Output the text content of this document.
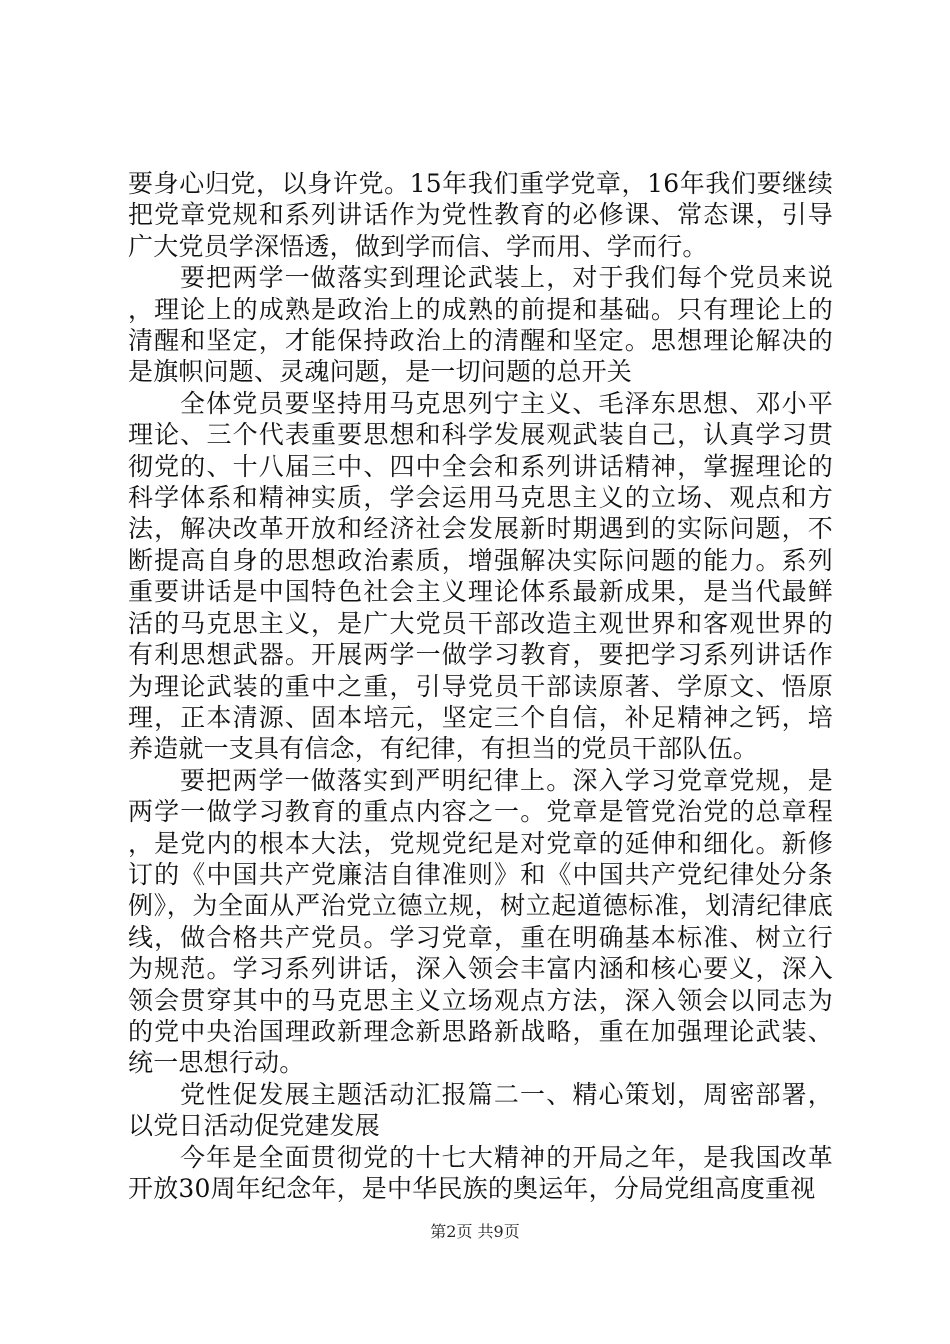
要身心归党，以身许党。15年我们重学党章，16年我们要继续把党章党规和系列讲话作为党性教育的必修课、常态课，引导广大党员学深悟透，做到学而信、学而用、学而行。

要把两学一做落实到理论武装上，对于我们每个党员来说，理论上的成熟是政治上的成熟的前提和基础。只有理论上的清醒和坚定，才能保持政治上的清醒和坚定。思想理论解决的是旗帜问题、灵魂问题，是一切问题的总开关

全体党员要坚持用马克思列宁主义、毛泽东思想、邓小平理论、三个代表重要思想和科学发展观武装自己，认真学习贯彻党的、十八届三中、四中全会和系列讲话精神，掌握理论的科学体系和精神实质，学会运用马克思主义的立场、观点和方法，解决改革开放和经济社会发展新时期遇到的实际问题，不断提高自身的思想政治素质，增强解决实际问题的能力。系列重要讲话是中国特色社会主义理论体系最新成果，是当代最鲜活的马克思主义，是广大党员干部改造主观世界和客观世界的有利思想武器。开展两学一做学习教育，要把学习系列讲话作为理论武装的重中之重，引导党员干部读原著、学原文、悟原理，正本清源、固本培元，坚定三个自信，补足精神之钙，培养造就一支具有信念，有纪律，有担当的党员干部队伍。

要把两学一做落实到严明纪律上。深入学习党章党规，是两学一做学习教育的重点内容之一。党章是管党治党的总章程，是党内的根本大法，党规党纪是对党章的延伸和细化。新修订的《中国共产党廉洁自律准则》和《中国共产党纪律处分条例》，为全面从严治党立德立规，树立起道德标准，划清纪律底线，做合格共产党员。学习党章，重在明确基本标准、树立行为规范。学习系列讲话，深入领会丰富内涵和核心要义，深入领会贯穿其中的马克思主义立场观点方法，深入领会以同志为的党中央治国理政新理念新思路新战略，重在加强理论武装、统一思想行动。

党性促发展主题活动汇报篇二一、精心策划，周密部署，以党日活动促党建发展

今年是全面贯彻党的十七大精神的开局之年，是我国改革开放30周年纪念年，是中华民族的奥运年，分局党组高度重视

第2页 共9页
